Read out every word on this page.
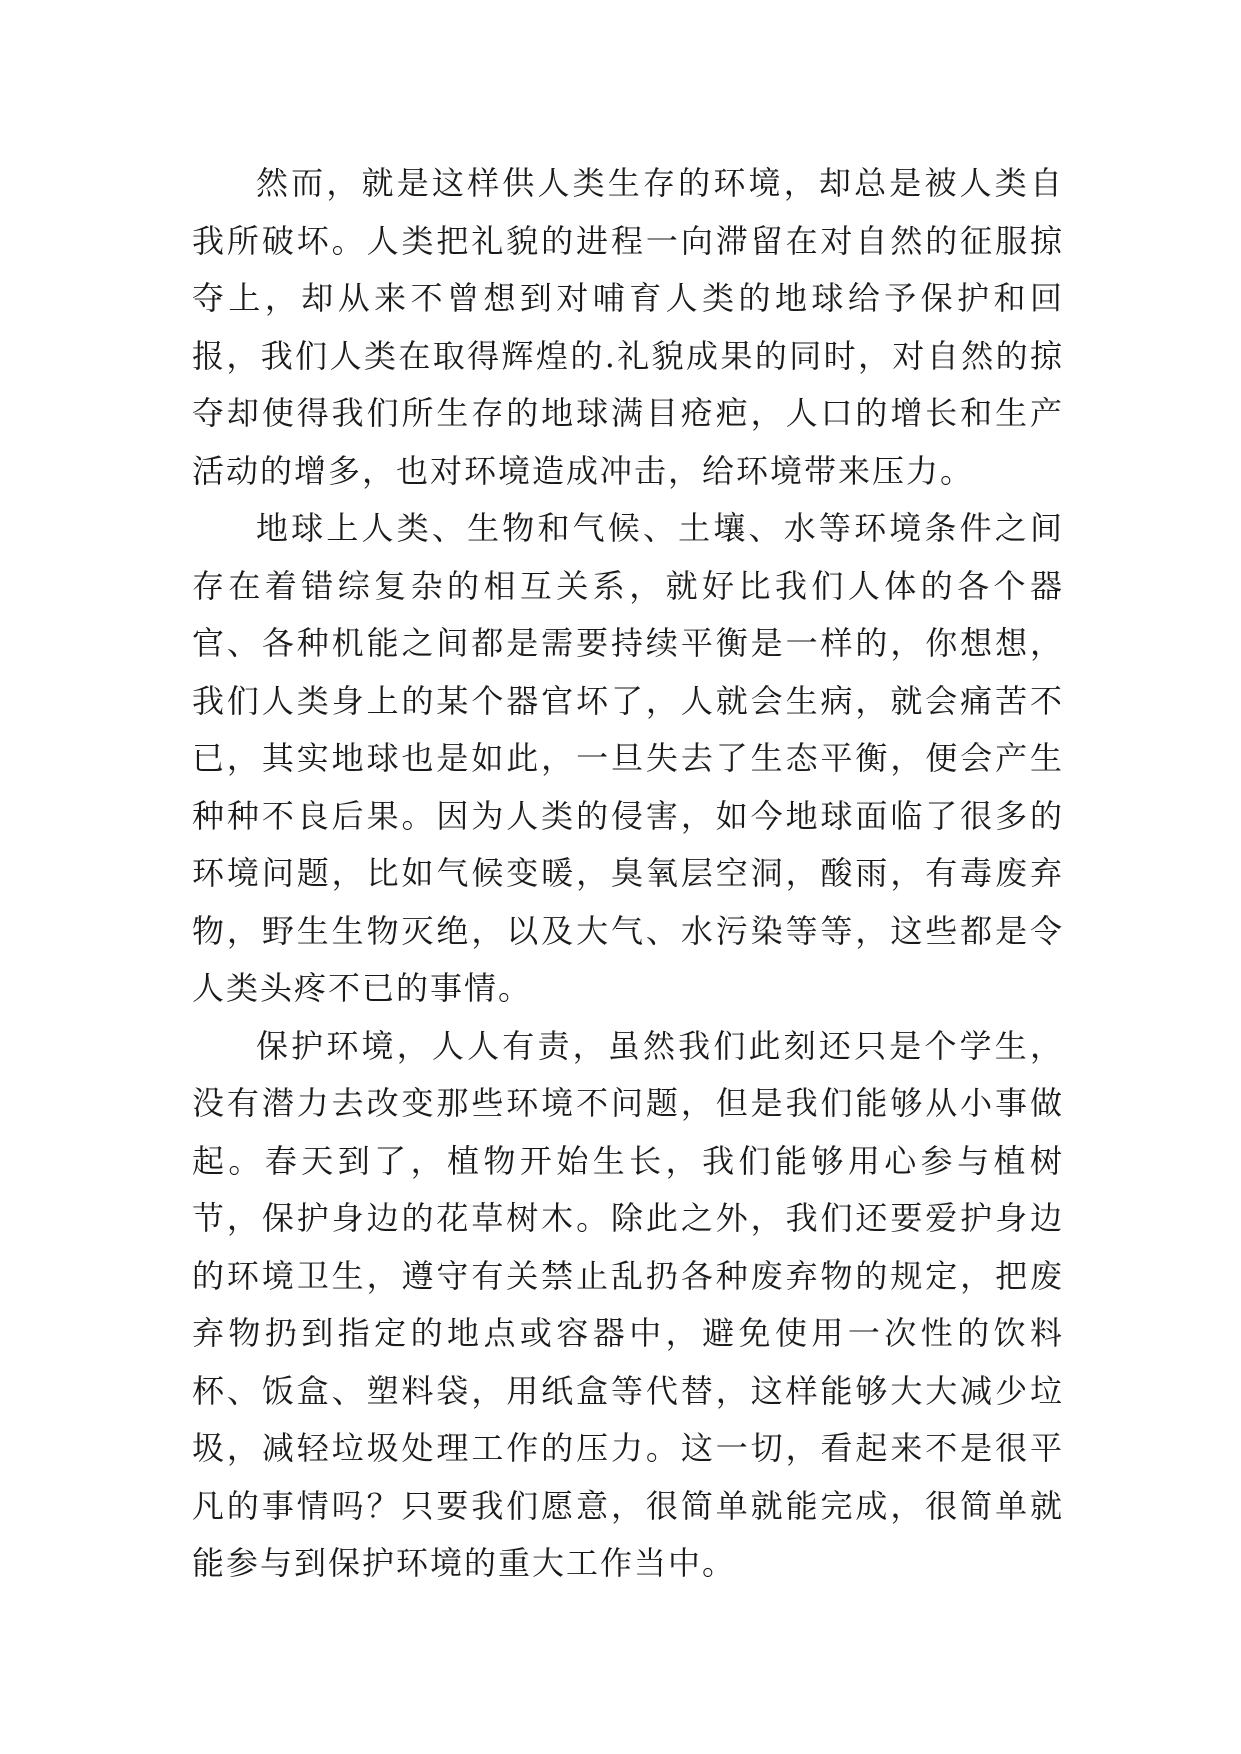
然而，就是这样供人类生存的环境，却总是被人类自我所破坏。人类把礼貌的进程一向滞留在对自然的征服掠夺上，却从来不曾想到对哺育人类的地球给予保护和回报，我们人类在取得辉煌的.礼貌成果的同时，对自然的掠夺却使得我们所生存的地球满目疮疤，人口的增长和生产活动的增多，也对环境造成冲击，给环境带来压力。

地球上人类、生物和气候、土壤、水等环境条件之间存在着错综复杂的相互关系，就好比我们人体的各个器官、各种机能之间都是需要持续平衡是一样的，你想想，我们人类身上的某个器官坏了，人就会生病，就会痛苦不已，其实地球也是如此，一旦失去了生态平衡，便会产生种种不良后果。因为人类的侵害，如今地球面临了很多的环境问题，比如气候变暖，臭氧层空洞，酸雨，有毒废弃物，野生生物灭绝，以及大气、水污染等等，这些都是令人类头疼不已的事情。

保护环境，人人有责，虽然我们此刻还只是个学生，没有潜力去改变那些环境不问题，但是我们能够从小事做起。春天到了，植物开始生长，我们能够用心参与植树节，保护身边的花草树木。除此之外，我们还要爱护身边的环境卫生，遵守有关禁止乱扔各种废弃物的规定，把废弃物扔到指定的地点或容器中，避免使用一次性的饮料杯、饭盒、塑料袋，用纸盒等代替，这样能够大大减少垃圾，减轻垃圾处理工作的压力。这一切，看起来不是很平凡的事情吗？只要我们愿意，很简单就能完成，很简单就能参与到保护环境的重大工作当中。
